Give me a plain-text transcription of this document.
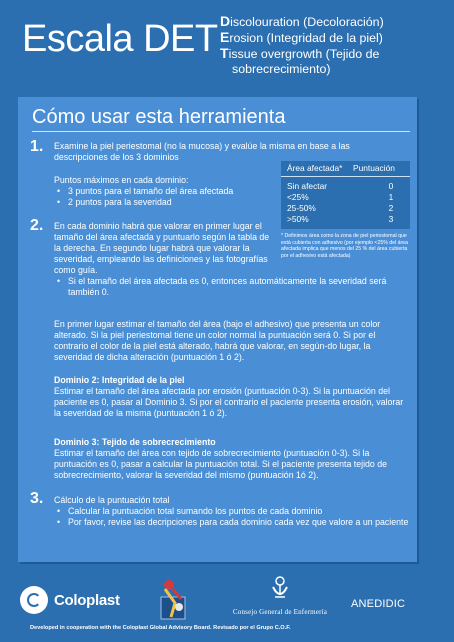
Escala DET Discolouration (Decoloración)
Erosion (Integridad de la piel)
Tissue overgrowth (Tejido de
sobrecrecimiento)
Cómo usar esta herramienta
1. Examine la piel periestomal (no la mucosa) y evalúe la misma en base a las descripciones de los 3 dominios
Puntos máximos en cada dominio:
• 3 puntos para el tamaño del área afectada
• 2 puntos para la severidad
Área afectada* Puntuación
Sin afectar	0
<25%	1
25-50%	2
>50%	3
* Definimos área como la zona de piel periestomal que está cubierta con adhesivo (por ejemplo <25% del área afectada implica que menos del 25 % del área cubierta por el adhesivo está afectada)
2. En cada dominio habrá que valorar en primer lugar el tamaño del área afectada y puntuarlo según la tabla de la derecha. En segundo lugar habrá que valorar la severidad, empleando las definiciones y las fotografías como guía.
• Si el tamaño del área afectada es 0, entonces automáticamente la severidad será también 0.
En primer lugar estimar el tamaño del área (bajo el adhesivo) que presenta un color alterado. Si la piel periestomal tiene un color normal la puntuación será 0. Si por el contrario el color de la piel está alterado, habrá que valorar, en según-do lugar, la severidad de dicha alteración (puntuación 1 ó 2).
Dominio 2: Integridad de la piel
Estimar el tamaño del área afectada por erosión (puntuación 0-3). Si la puntuación del paciente es 0, pasar al Dominio 3. Si por el contrario el paciente presenta erosión, valorar la severidad de la misma (puntuación 1 ó 2).
Dominio 3: Tejido de sobrecrecimiento
Estimar el tamaño del área con tejido de sobrecrecimiento (puntuación 0-3). Si la puntuación es 0, pasar a calcular la puntuación total. Si el paciente presenta tejido de sobrecrecimiento, valorar la severidad del mismo (puntuación 1ó 2).
3. Cálculo de la puntuación total
• Calcular la puntuación total sumando los puntos de cada dominio
• Por favor, revise las decripciones para cada dominio cada vez que valore a un paciente
Coloplast
Consejo General de Enfermería
ANEDIDIC
Developed in cooperation with the Coloplast Global Advisory Board. Revisado por el Grupo C.O.F.
